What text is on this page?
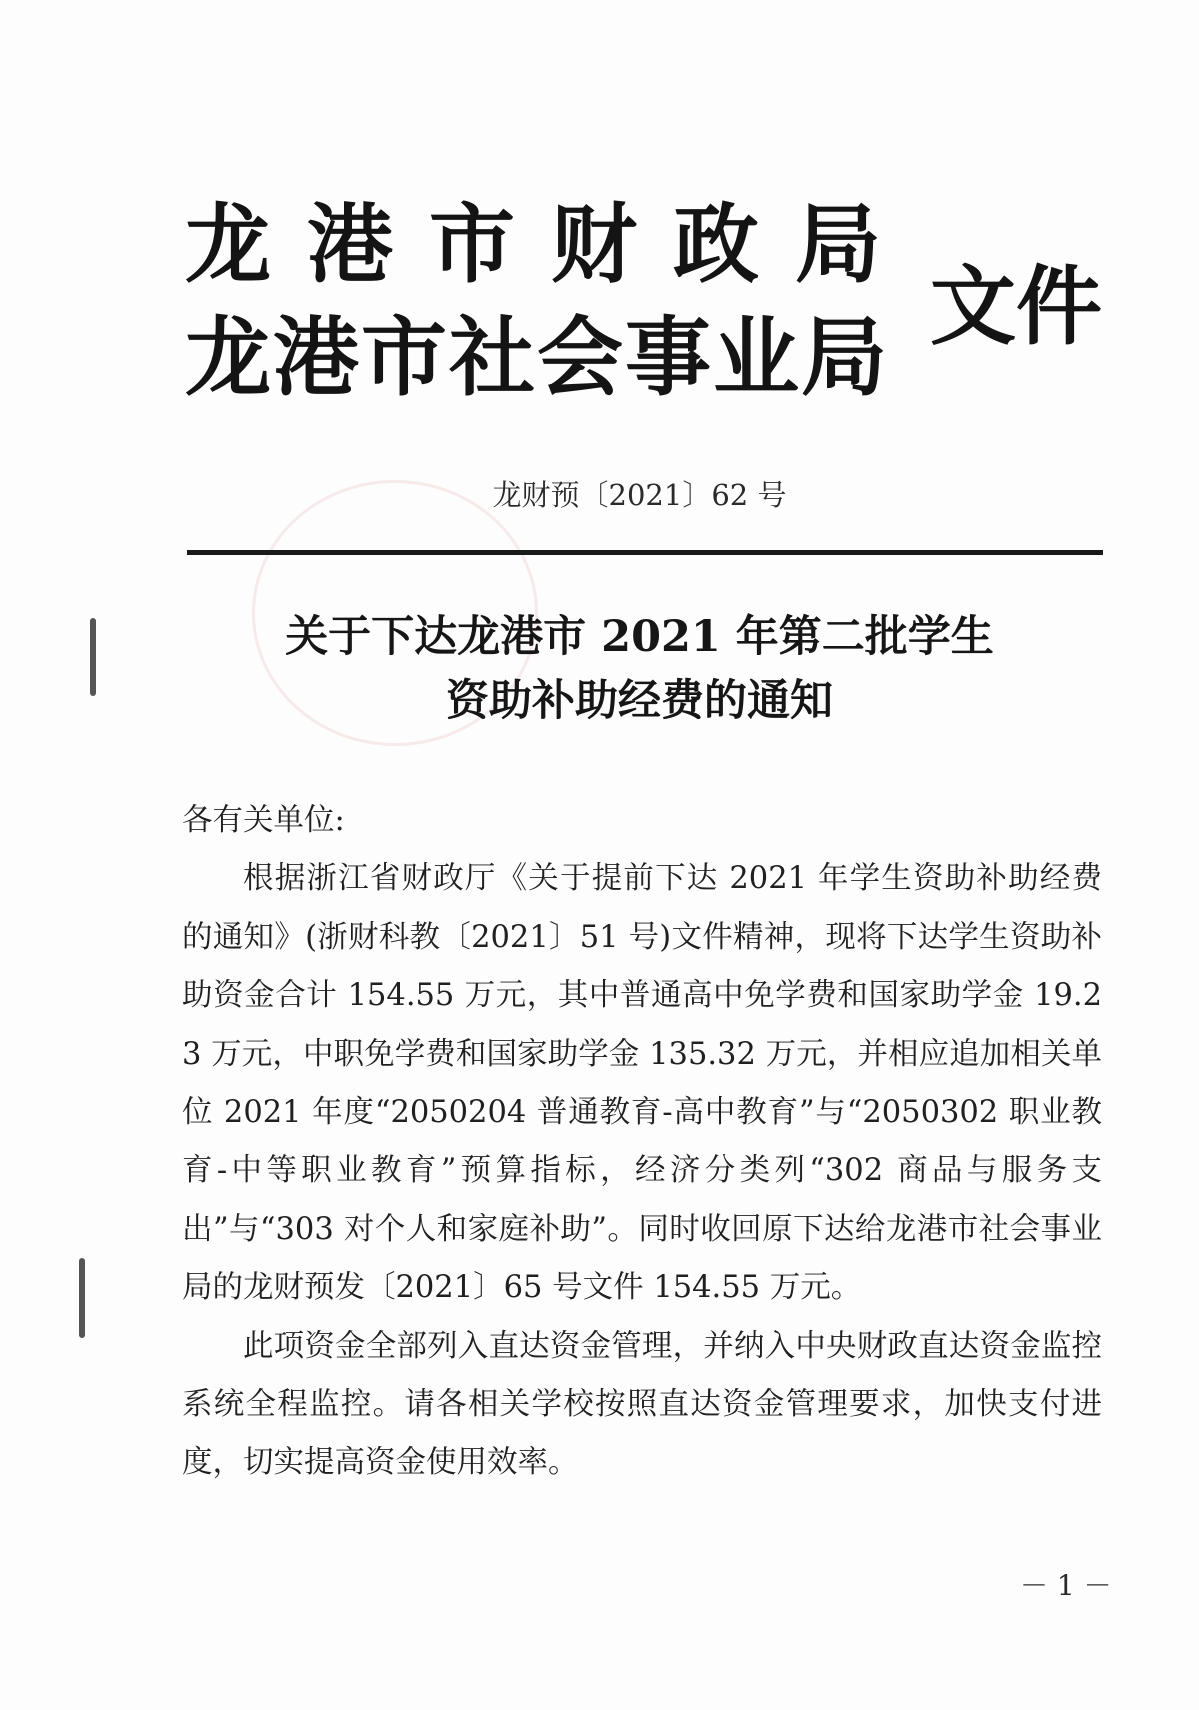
龙港市财政局
龙港市社会事业局
文件
龙财预〔2021〕62 号
关于下达龙港市 2021 年第二批学生
资助补助经费的通知

各有关单位:

根据浙江省财政厅《关于提前下达 2021 年学生资助补助经费的通知》(浙财科教〔2021〕51 号)文件精神，现将下达学生资助补助资金合计 154.55 万元，其中普通高中免学费和国家助学金 19.23 万元，中职免学费和国家助学金 135.32 万元，并相应追加相关单位 2021 年度“2050204 普通教育-高中教育”与“2050302 职业教育-中等职业教育”预算指标，经济分类列“302 商品与服务支出”与“303 对个人和家庭补助”。同时收回原下达给龙港市社会事业局的龙财预发〔2021〕65 号文件 154.55 万元。

此项资金全部列入直达资金管理，并纳入中央财政直达资金监控系统全程监控。请各相关学校按照直达资金管理要求，加快支付进度，切实提高资金使用效率。

－ 1 －
